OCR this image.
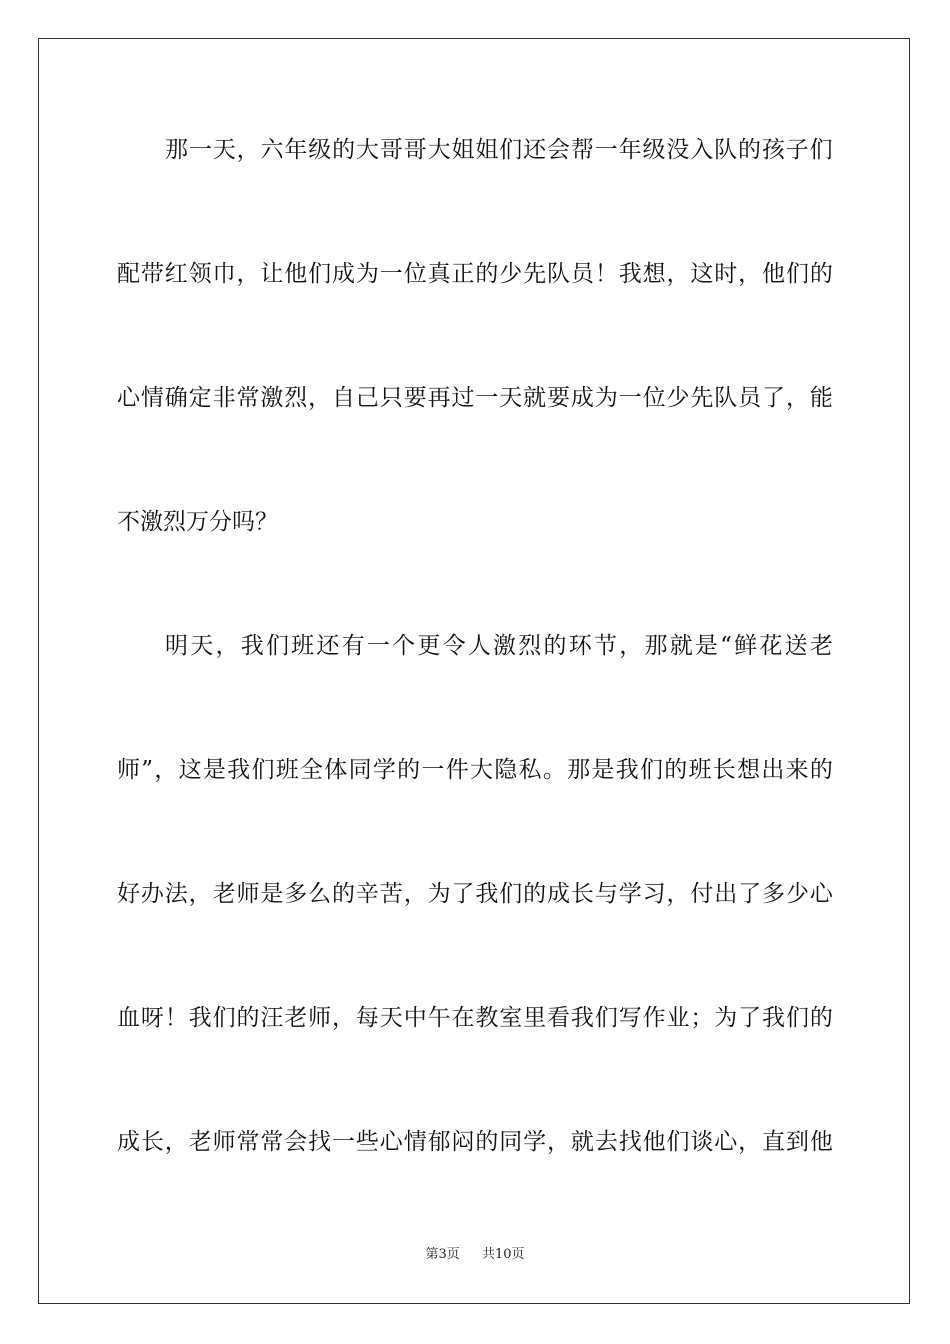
那 一 天 ， 六 年 级 的 大 哥 哥 大 姐 姐 们 还 会 帮 一 年 级 没 入 队 的 孩 子 们
配 带 红 领 巾 ， 让 他 们 成 为 一 位 真 正 的 少 先 队 员 ！ 我 想 ， 这 时 ， 他 们 的
心 情 确 定 非 常 激 烈 ， 自 己 只 要 再 过 一 天 就 要 成 为 一 位 少 先 队 员 了 ， 能
不激烈万分吗？
明 天 ， 我 们 班 还 有 一 个 更 令 人 激 烈 的 环 节 ， 那 就 是 “ 鲜 花 送 老
师 ” ， 这 是 我 们 班 全 体 同 学 的 一 件 大 隐 私 。 那 是 我 们 的 班 长 想 出 来 的
好 办 法 ， 老 师 是 多 么 的 辛 苦 ， 为 了 我 们 的 成 长 与 学 习 ， 付 出 了 多 少 心
血 呀 ！ 我 们 的 汪 老 师 ， 每 天 中 午 在 教 室 里 看 我 们 写 作 业 ； 为 了 我 们 的
成 长 ， 老 师 常 常 会 找 一 些 心 情 郁 闷 的 同 学 ， 就 去 找 他 们 谈 心 ， 直 到 他
第3页 共10页
